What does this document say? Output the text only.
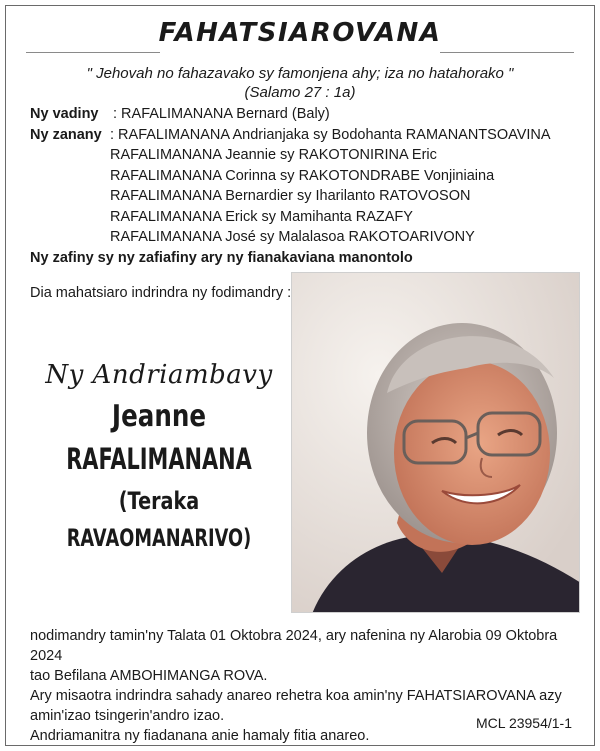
FAHATSIAROVANA
" Jehovah no fahazavako sy famonjena ahy; iza no hatahorako "
(Salamo 27 : 1a)
Ny vadiny	: RAFALIMANANA Bernard (Baly)
Ny zanany : RAFALIMANANA Andrianjaka sy Bodohanta RAMANANTSOAVINA
RAFALIMANANA Jeannie sy RAKOTONIRINA Eric
RAFALIMANANA Corinna sy RAKOTONDRABE Vonjiniaina
RAFALIMANANA Bernardier sy Iharilanto RATOVOSON
RAFALIMANANA Erick sy Mamihanta RAZAFY
RAFALIMANANA José sy Malalasoa RAKOTOARIVONY
Ny zafiny sy ny zafiafiny ary ny fianakaviana manontolo
Dia mahatsiaro indrindra ny fodimandry :
Ny Andriambavy
Jeanne
RAFALIMANANA
(Teraka
RAVAOMANARIVO)
nodimandry tamin'ny Talata 01 Oktobra 2024, ary nafenina ny Alarobia 09 Oktobra 2024
tao Befilana AMBOHIMANGA ROVA.
Ary misaotra indrindra sahady anareo rehetra koa amin'ny FAHATSIAROVANA azy amin'izao tsingerin'andro izao.
Andriamanitra ny fiadanana anie hamaly fitia anareo.
MCL 23954/1-1
